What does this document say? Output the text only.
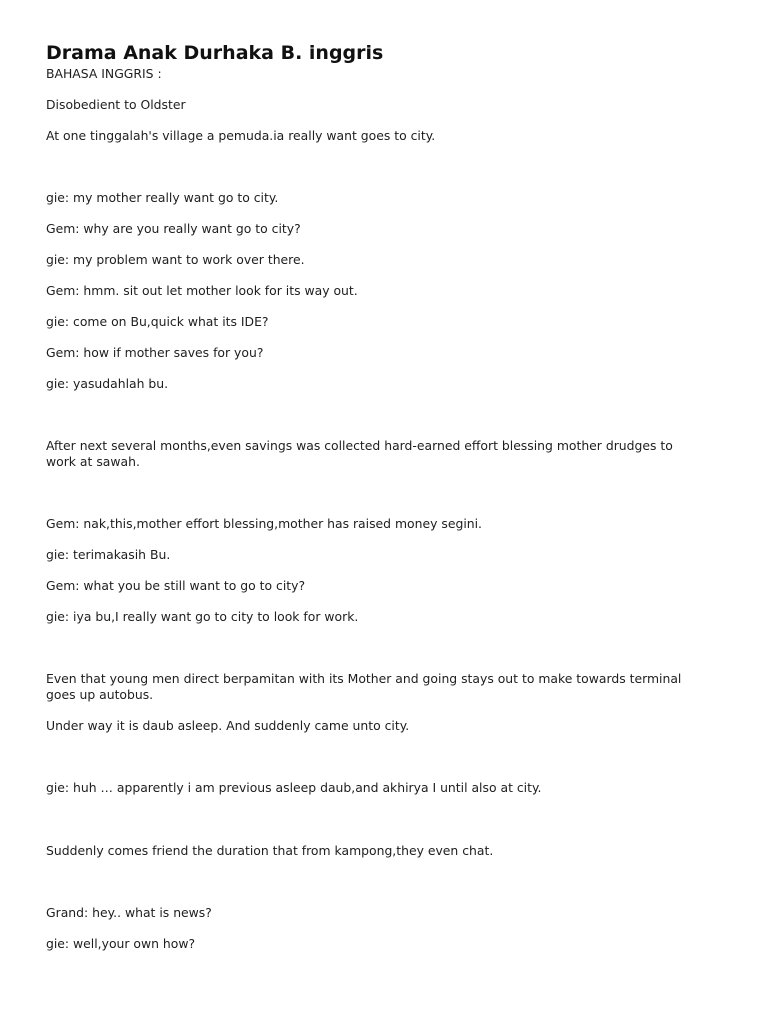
Drama Anak Durhaka B. inggris

BAHASA INGGRIS :

Disobedient to Oldster

At one tinggalah's village a pemuda.ia really want goes to city.

gie: my mother really want go to city.

Gem: why are you really want go to city?

gie: my problem want to work over there.

Gem: hmm. sit out let mother look for its way out.

gie: come on Bu,quick what its IDE?

Gem: how if mother saves for you?

gie: yasudahlah bu.

After next several months,even savings was collected hard-earned effort blessing mother drudges to work at sawah.

Gem: nak,this,mother effort blessing,mother has raised money segini.

gie: terimakasih Bu.

Gem: what you be still want to go to city?

gie: iya bu,I really want go to city to look for work.

Even that young men direct berpamitan with its Mother and going stays out to make towards terminal goes up autobus.

Under way it is daub asleep. And suddenly came unto city.

gie: huh … apparently i am previous asleep daub,and akhirya I until also at city.

Suddenly comes friend the duration that from kampong,they even chat.

Grand: hey.. what is news?

gie: well,your own how?
